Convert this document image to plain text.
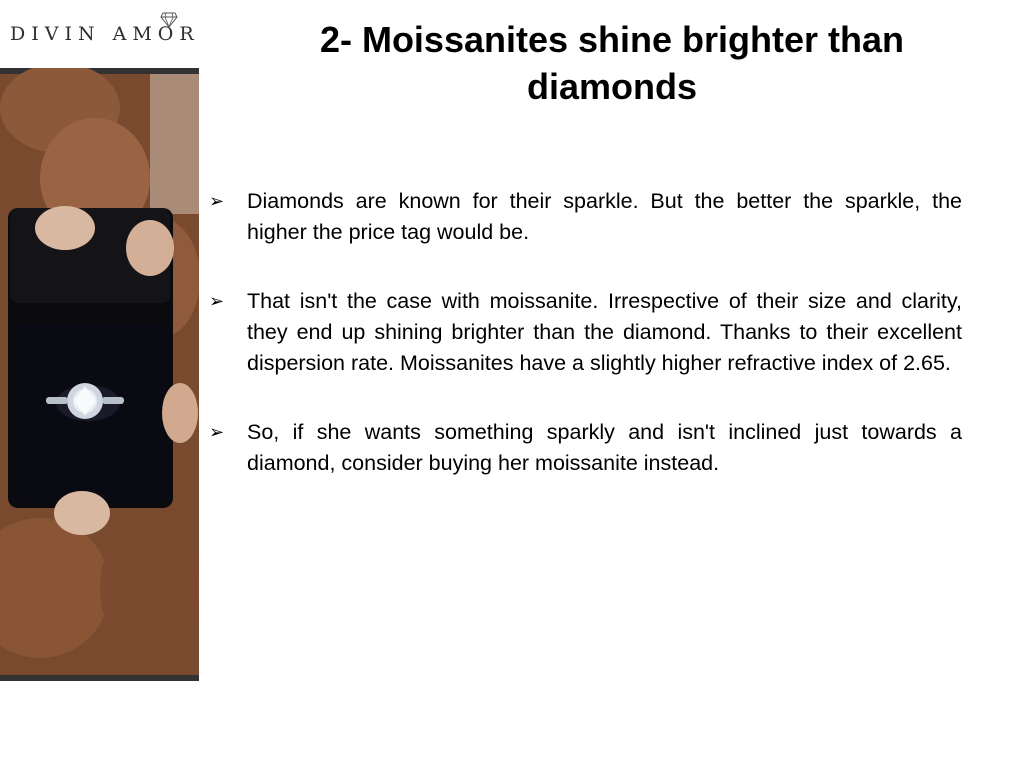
DIVIN AMOR	2- Moissanites shine brighter than diamonds
➢	Diamonds are known for their sparkle. But the better the sparkle, the higher the price tag would be.
➢	That isn't the case with moissanite. Irrespective of their size and clarity, they end up shining brighter than the diamond. Thanks to their excellent dispersion rate. Moissanites have a slightly higher refractive index of 2.65.
➢	So, if she wants something sparkly and isn't inclined just towards a diamond, consider buying her moissanite instead.
